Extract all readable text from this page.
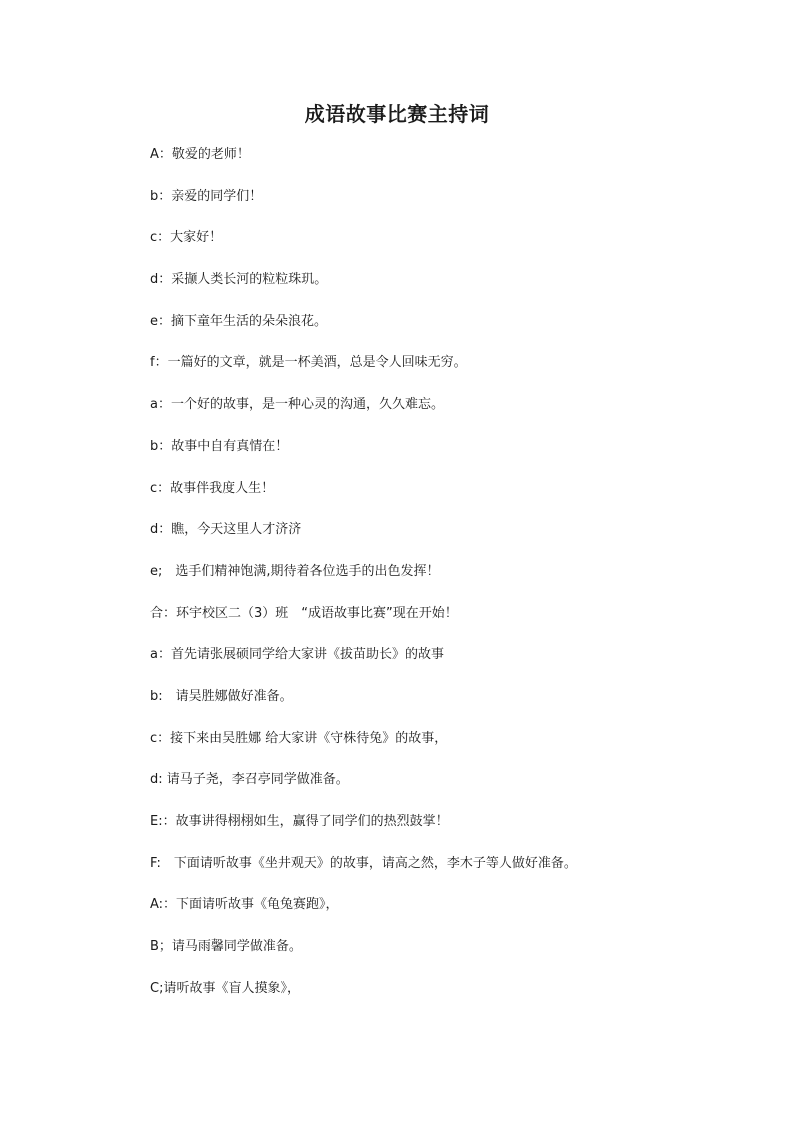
成语故事比赛主持词
A：敬爱的老师！
b：亲爱的同学们！
c：大家好！
d：采撷人类长河的粒粒珠玑。
e：摘下童年生活的朵朵浪花。
f：一篇好的文章，就是一杯美酒，总是令人回味无穷。
a：一个好的故事，是一种心灵的沟通，久久难忘。
b：故事中自有真情在！
c：故事伴我度人生！
d：瞧，今天这里人才济济
e;　选手们精神饱满,期待着各位选手的出色发挥！
合：环宇校区二（3）班　“成语故事比赛”现在开始！
a：首先请张展硕同学给大家讲《拔苗助长》的故事
b:　请吴胜娜做好准备。
c：接下来由吴胜娜 给大家讲《守株待兔》的故事，
d: 请马子尧，李召亭同学做准备。
E:：故事讲得栩栩如生，赢得了同学们的热烈鼓掌！
F:　下面请听故事《坐井观天》的故事，请高之然，李木子等人做好准备。
A:：下面请听故事《龟兔赛跑》，
B；请马雨馨同学做准备。
C;请听故事《盲人摸象》，
